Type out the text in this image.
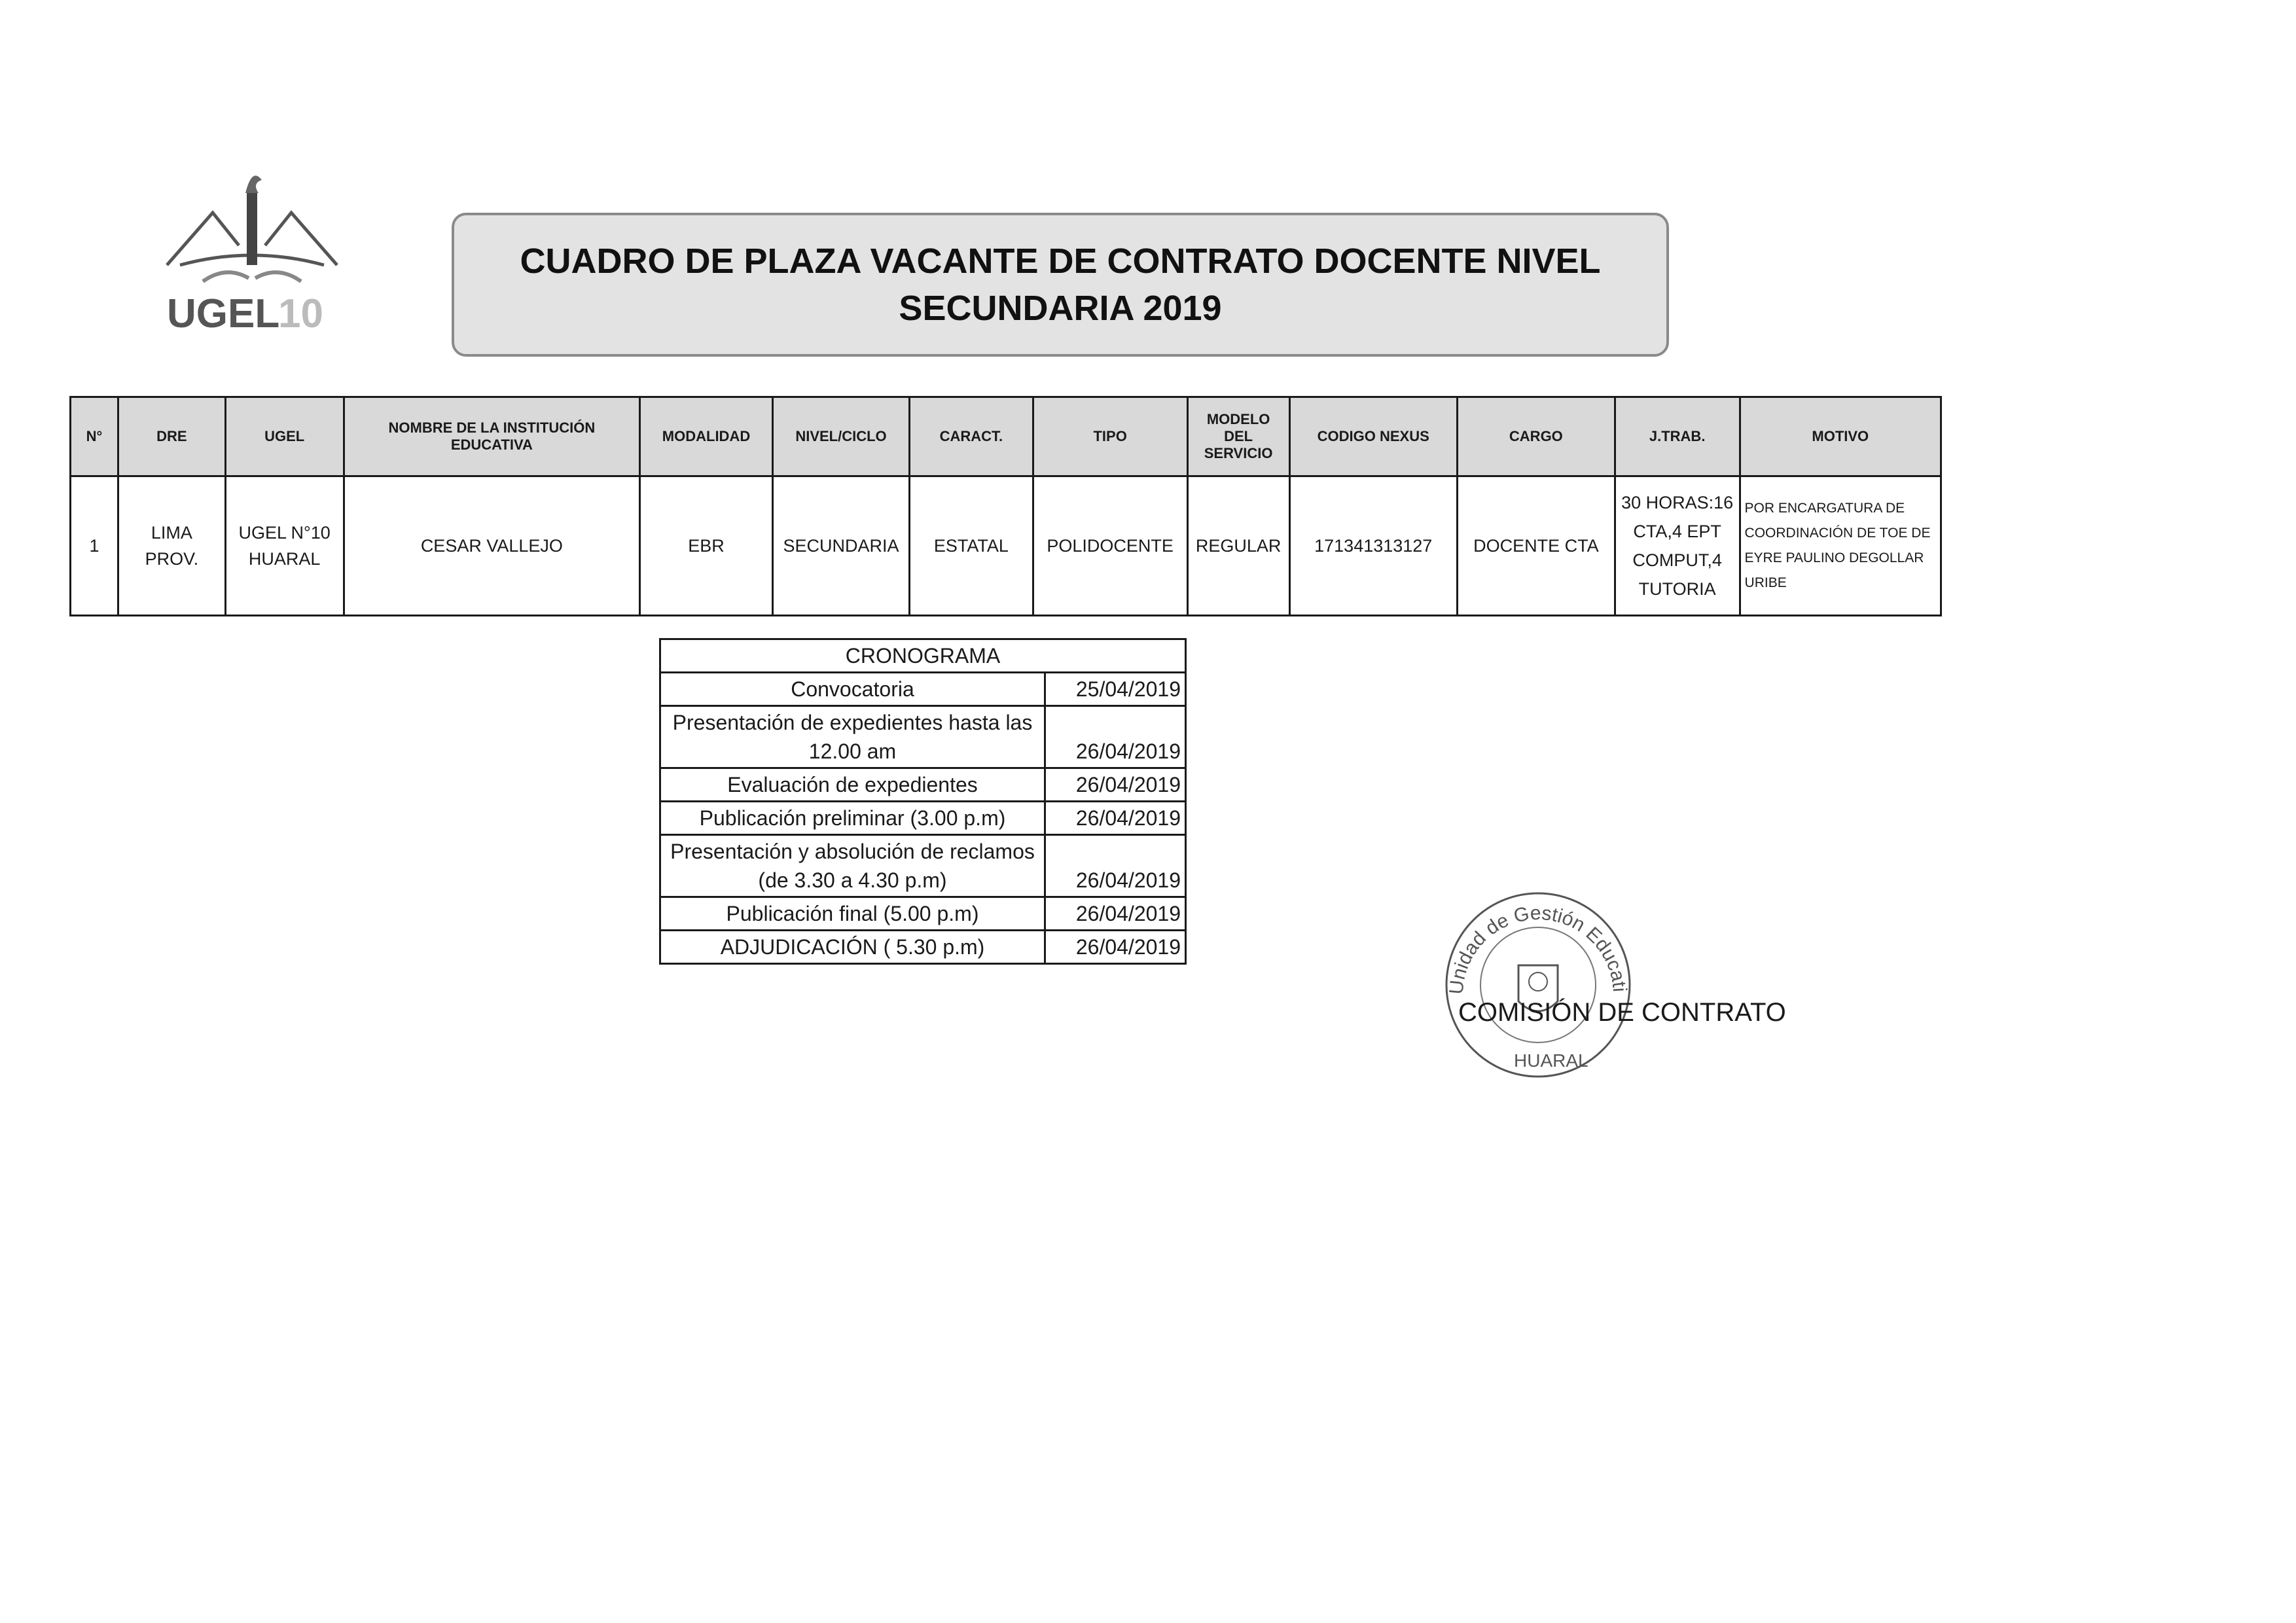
UGEL
10
CUADRO DE PLAZA VACANTE DE CONTRATO DOCENTE NIVEL
SECUNDARIA 2019
N°	DRE	UGEL	NOMBRE DE LA INSTITUCIÓN EDUCATIVA	MODALIDAD	NIVEL/CICLO	CARACT.	TIPO	MODELO DEL SERVICIO	CODIGO NEXUS	CARGO	J.TRAB.	MOTIVO
1	LIMA PROV.	UGEL N°10 HUARAL	CESAR VALLEJO	EBR	SECUNDARIA	ESTATAL	POLIDOCENTE	REGULAR	171341313127	DOCENTE CTA	30 HORAS:16 CTA,4 EPT COMPUT,4 TUTORIA	POR ENCARGATURA DE COORDINACIÓN DE TOE DE EYRE PAULINO DEGOLLAR URIBE
CRONOGRAMA	
Convocatoria	25/04/2019
Presentación de expedientes hasta las 12.00 am	26/04/2019
Evaluación de expedientes	26/04/2019
Publicación preliminar (3.00 p.m)	26/04/2019
Presentación y absolución de reclamos (de 3.30 a 4.30 p.m)	26/04/2019
Publicación final (5.00 p.m)	26/04/2019
ADJUDICACIÓN ( 5.30 p.m)	26/04/2019
Unidad de Gestión Educati
HUARAL
COMISIÓN DE CONTRATO
